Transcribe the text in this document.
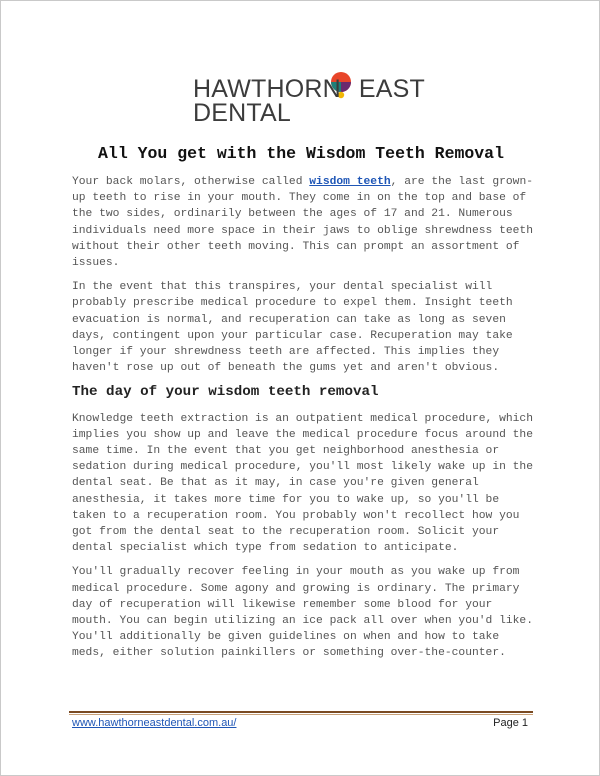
HAWTHORN EAST
DENTAL
All You get with the Wisdom Teeth Removal

Your back molars, otherwise called wisdom teeth, are the last grown-up teeth to rise in your mouth. They come in on the top and base of the two sides, ordinarily between the ages of 17 and 21. Numerous individuals need more space in their jaws to oblige shrewdness teeth without their other teeth moving. This can prompt an assortment of issues.

In the event that this transpires, your dental specialist will probably prescribe medical procedure to expel them. Insight teeth evacuation is normal, and recuperation can take as long as seven days, contingent upon your particular case. Recuperation may take longer if your shrewdness teeth are affected. This implies they haven't rose up out of beneath the gums yet and aren't obvious.

The day of your wisdom teeth removal

Knowledge teeth extraction is an outpatient medical procedure, which implies you show up and leave the medical procedure focus around the same time. In the event that you get neighborhood anesthesia or sedation during medical procedure, you'll most likely wake up in the dental seat. Be that as it may, in case you're given general anesthesia, it takes more time for you to wake up, so you'll be taken to a recuperation room. You probably won't recollect how you got from the dental seat to the recuperation room. Solicit your dental specialist which type from sedation to anticipate.

You'll gradually recover feeling in your mouth as you wake up from medical procedure. Some agony and growing is ordinary. The primary day of recuperation will likewise remember some blood for your mouth. You can begin utilizing an ice pack all over when you'd like. You'll additionally be given guidelines on when and how to take meds, either solution painkillers or something over-the-counter.

www.hawthorneastdental.com.au/	Page 1
